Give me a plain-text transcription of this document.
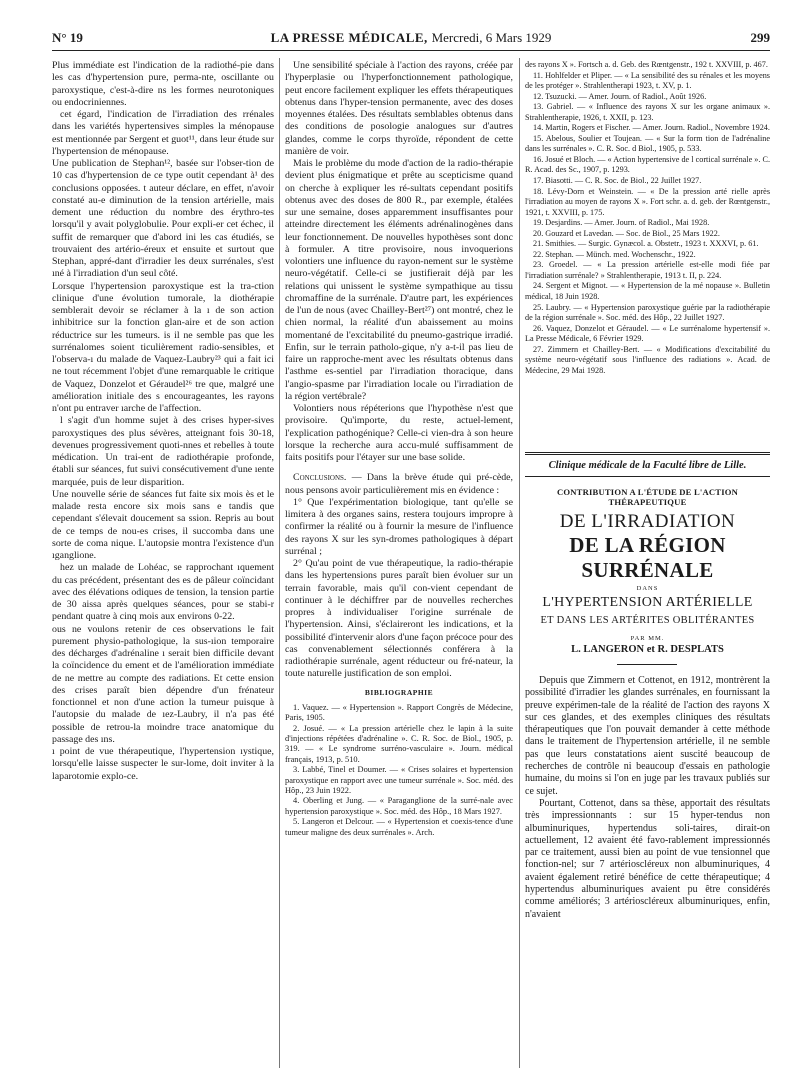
N° 19	LA PRESSE MÉDICALE, Mercredi, 6 Mars 1929	299

Plus immédiate est l'indication de la radiothé-pie dans les cas d'hypertension pure, perma-nte, oscillante ou paroxystique, c'est-à-dire ns les formes neurotoniques ou endocriniennes.

cet égard, l'indication de l'irradiation des rrénales dans les variétés hypertensives simples la ménopause est mentionnée par Sergent et guot¹¹, dans leur étude sur l'hypertension de ménopause.

Une publication de Stephan¹², basée sur l'obser-tion de 10 cas d'hypertension de ce type outit cependant à¹ des conclusions opposées. t auteur déclare, en effet, n'avoir constaté au-e diminution de la tension artérielle, mais dement une réduction du nombre des érythro-tes lorsqu'il y avait polyglobulie. Pour expli-er cet échec, il suffit de remarquer que d'abord ini les cas étudiés, se trouvaient des artério-éreux et ensuite et surtout que Stephan, appré-dant d'irradier les deux surrénales, s'est ıné à l'irradiation d'un seul côté.

Lorsque l'hypertension paroxystique est la tra-ction clinique d'une évolution tumorale, la diothérapie semblerait devoir se réclamer à la ı de son action inhibitrice sur la fonction glan-aire et de son action réductrice sur les tumeurs. is il ne semble pas que les surrénalomes soient ticulièrement radio-sensibles, et l'observa-ı du malade de Vaquez-Laubry²³ qui a fait ici ne tout récemment l'objet d'une remarquable le critique de Vaquez, Donzelot et Géraudel²⁶ tre que, malgré une amélioration initiale des s encourageantes, les rayons n'ont pu entraver ıarche de l'affection.

l s'agit d'un homme sujet à des crises hyper-sives paroxystiques des plus sévères, atteignant fois 30-18, devenues progressivement quoti-nnes et rebelles à toute médication. Un trai-ent de radiothérapie profonde, établi sur séances, fut suivi consécutivement d'une ıente marquée, puis de leur disparition.

Une nouvelle série de séances fut faite six mois ès et le malade resta encore six mois sans e tandis que cependant s'élevait doucement sa ssion. Repris au bout de ce temps de nou-es crises, il succomba dans une sorte de coma nique. L'autopsie montra l'existence d'un ıganglione.

hez un malade de Lohéac, se rapprochant ıquement du cas précédent, présentant des es de pâleur coïncidant avec des élévations odiques de tension, la tension partie de 30 aissa après quelques séances, pour se stabi-r pendant quatre à cinq mois aux environs 0-22.

ous ne voulons retenir de ces observations le fait purement physio-pathologique, la sus-ıion temporaire des décharges d'adrénaline ı serait bien difficile devant la coïncidence du ement et de l'amélioration immédiate de ne mettre au compte des radiations. Et cette ension des crises paraît bien dépendre d'un frénateur fonctionnel et non d'une action la tumeur puisque à l'autopsie du malade de ıez-Laubry, il n'a pas été possible de retrou-la moindre trace anatomique du passage des ıns.

ı point de vue thérapeutique, l'hypertension ıystique, lorsqu'elle laisse suspecter le sur-lome, doit inviter à la laparotomie explo-ce.

Une sensibilité spéciale à l'action des rayons, créée par l'hyperplasie ou l'hyperfonctionnement pathologique, peut encore facilement expliquer les effets thérapeutiques obtenus dans l'hyper-tension permanente, avec des doses moyennes étalées. Des résultats semblables obtenus dans des conditions de posologie analogues sur d'autres glandes, comme le corps thyroïde, répondent de cette manière de voir.

Mais le problème du mode d'action de la radio-thérapie devient plus énigmatique et prête au scepticisme quand on cherche à expliquer les ré-sultats cependant positifs obtenus avec des doses de 800 R., par exemple, étalées sur une semaine, doses apparemment insuffisantes pour atteindre directement les éléments adrénalinogènes dans leur fonctionnement. De nouvelles hypothèses sont donc à formuler. A titre provisoire, nous invoquerions volontiers une influence du rayon-nement sur le système neuro-végétatif. Celle-ci se justifierait déjà par les relations qui unissent le système sympathique au tissu chromaffine de la surrénale. D'autre part, les expériences de l'un de nous (avec Chailley-Bert²⁷) ont montré, chez le chien normal, la réalité d'un abaissement au moins momentané de l'excitabilité du pneumo-gastrique irradié. Enfin, sur le terrain patholo-gique, n'y a-t-il pas lieu de faire un rapproche-ment avec les résultats obtenus dans l'asthme es-sentiel par l'irradiation thoracique, dans l'angio-spasme par l'irradiation locale ou l'irradiation de la région vertébrale?

Volontiers nous répéterions que l'hypothèse n'est que provisoire. Qu'importe, du reste, actuel-lement, l'explication pathogénique? Celle-ci vien-dra à son heure lorsque la recherche aura accu-mulé suffisamment de faits positifs pour l'étayer sur une base solide.

Conclusions. — Dans la brève étude qui pré-cède, nous pensons avoir particulièrement mis en évidence :

1° Que l'expérimentation biologique, tant qu'elle se limitera à des organes sains, restera toujours impropre à confirmer la réalité ou à fournir la mesure de l'influence des rayons X sur les syn-dromes pathologiques à départ surrénal ;

2° Qu'au point de vue thérapeutique, la radio-thérapie dans les hypertensions pures paraît bien évoluer sur un terrain favorable, mais qu'il con-vient cependant de continuer à le déchiffrer par de nouvelles recherches propres à individualiser l'origine surrénale de l'hypertension. Ainsi, s'éclaireront les indications, et la possibilité d'intervenir alors d'une façon précoce pour des cas convenablement sélectionnés conférera à la radiothérapie surrénale, agent réducteur ou fré-nateur, la toute naturelle justification de son emploi.

BIBLIOGRAPHIE

1. Vaquez. — « Hypertension ». Rapport Congrès de Médecine, Paris, 1905.

2. Josué. — « La pression artérielle chez le lapin à la suite d'injections répétées d'adrénaline ». C. R. Soc. de Biol., 1905, p. 319. — « Le syndrome surréno-vasculaire ». Journ. médical français, 1913, p. 510.

3. Labbé, Tinel et Doumer. — « Crises solaires et hypertension paroxystique en rapport avec une tumeur surrénale ». Soc. méd. des Hôp., 23 Juin 1922.

4. Oberling et Jung. — « Paraganglione de la surré-nale avec hypertension paroxystique ». Soc. méd. des Hôp., 18 Mars 1927.

5. Langeron et Delcour. — « Hypertension et coexis-tence d'une tumeur maligne des deux surrénales ». Arch.

des rayons X ». Fortsch a. d. Geb. des Rœntgenstr., 192 t. XXVIII, p. 467.

11. Hohlfelder et Pliper. — « La sensibilité des su rénales et les moyens de les protéger ». Strahlentherapi 1923, t. XV, p. 1.

12. Tsuzucki. — Amer. Journ. of Radiol., Août 1926.

13. Gabriel. — « Influence des rayons X sur les organe animaux ». Strahlentherapie, 1926, t. XXII, p. 123.

14. Martin, Rogers et Fischer. — Amer. Journ. Radiol., Novembre 1924.

15. Abelous, Soulier et Toujean. — « Sur la form tion de l'adrénaline dans les surrénales ». C. R. Soc. d Biol., 1905, p. 533.

16. Josué et Bloch. — « Action hypertensive de l cortical surrénale ». C. R. Acad. des Sc., 1907, p. 1293.

17. Biasotti. — C. R. Soc. de Biol., 22 Juillet 1927.

18. Lévy-Dorn et Weinstein. — « De la pression arté rielle après l'irradiation au moyen de rayons X ». Fort schr. a. d. geb. der Rœntgenstr., 1921, t. XXVIII, p. 175.

19. Desjardins. — Amer. Journ. of Radiol., Mai 1928.

20. Gouzard et Lavedan. — Soc. de Biol., 25 Mars 1922.

21. Smithies. — Surgic. Gynæcol. a. Obstetr., 1923 t. XXXVI, p. 61.

22. Stephan. — Münch. med. Wochenschr., 1922.

23. Groedel. — « La pression artérielle est-elle modi fiée par l'irradiation surrénale? » Strahlentherapie, 1913 t. II, p. 224.

24. Sergent et Mignot. — « Hypertension de la mé nopause ». Bulletin médical, 18 Juin 1928.

25. Laubry. — « Hypertension paroxystique guérie par la radiothérapie de la région surrénale ». Soc. méd. des Hôp., 22 Juillet 1927.

26. Vaquez, Donzelot et Géraudel. — « Le surrénalome hypertensif ». La Presse Médicale, 6 Février 1929.

27. Zimmern et Chailley-Bert. — « Modifications d'excitabilité du système neuro-végétatif sous l'influence des radiations ». Acad. de Médecine, 29 Mai 1928.

Clinique médicale de la Faculté libre de Lille.
CONTRIBUTION A L'ÉTUDE DE L'ACTION THÉRAPEUTIQUE
DE L'IRRADIATION
DE LA RÉGION SURRÉNALE
DANS
L'HYPERTENSION ARTÉRIELLE
ET DANS LES ARTÉRITES OBLITÉRANTES
PAR MM.
L. LANGERON et R. DESPLATS

Depuis que Zimmern et Cottenot, en 1912, montrèrent la possibilité d'irradier les glandes surrénales, en fournissant la preuve expérimen-tale de la réalité de l'action des rayons X sur ces glandes, et des exemples cliniques des résultats thérapeutiques que l'on pouvait demander à cette méthode dans le traitement de l'hypertension artérielle, il ne semble pas que leurs constatations aient suscité beaucoup de recherches de contrôle ni beaucoup d'essais en pathologie humaine, du moins si l'on en juge par les travaux publiés sur ce sujet.

Pourtant, Cottenot, dans sa thèse, apportait des résultats très impressionnants : sur 15 hyper-tendus non albuminuriques, hypertendus soli-taires, dirait-on actuellement, 12 avaient été favo-rablement impressionnés par ce traitement, aussi bien au point de vue tensionnel que fonction-nel; sur 7 artérioscléreux non albuminuriques, 4 avaient également retiré bénéfice de cette thérapeutique; 4 hypertendus albuminuriques avaient pu être considérés comme améliorés; 3 artérioscléreux albuminuriques, enfin, n'avaient
